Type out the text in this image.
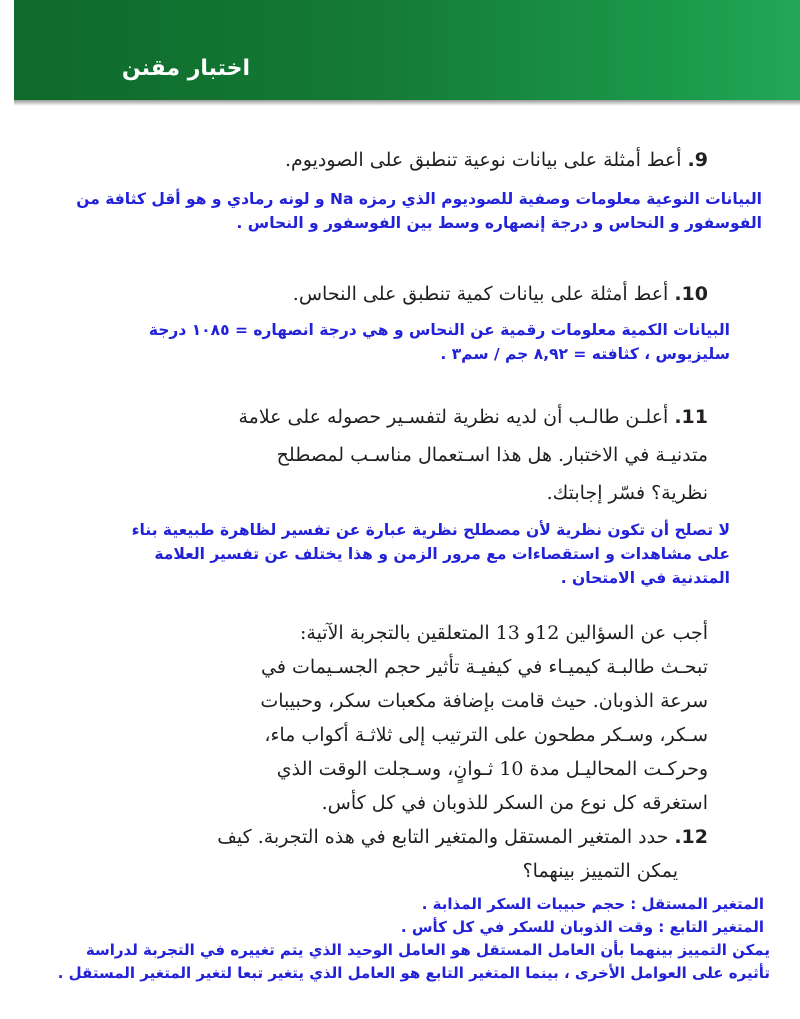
اختبار مقنن
9.أعط أمثلة على بيانات نوعية تنطبق على الصوديوم.
البيانات النوعية معلومات وصفية للصوديوم الذي رمزه Na و لونه رمادي و هو أقل كثافة من
الفوسفور و النحاس و درجة إنصهاره وسط بين الفوسفور و النحاس .
10.أعط أمثلة على بيانات كمية تنطبق على النحاس.
البيانات الكمية معلومات رقمية عن النحاس و هي درجة انصهاره = ١٠٨٥ درجة
سليزيوس ، كثافته = ٨,٩٢ جم / سم٣ .
11.أعلـن طالـب أن لديه نظرية لتفسـير حصوله على علامة
متدنيـة في الاختبار. هل هذا اسـتعمال مناسـب لمصطلح
نظرية؟ فسّر إجابتك.
لا تصلح أن تكون نظرية لأن مصطلح نظرية عبارة عن تفسير لظاهرة طبيعية بناء
على مشاهدات و استقصاءات مع مرور الزمن و هذا يختلف عن تفسير العلامة
المتدنية في الامتحان .
أجب عن السؤالين 12و 13 المتعلقين بالتجربة الآتية:
تبحـث طالبـة كيميـاء في كيفيـة تأثير حجم الجسـيمات في
سرعة الذوبان. حيث قامت بإضافة مكعبات سكر، وحبيبات
سـكر، وسـكر مطحون على الترتيب إلى ثلاثـة أكواب ماء،
وحركـت المحاليـل مدة 10 ثـوانٍ، وسـجلت الوقت الذي
استغرقه كل نوع من السكر للذوبان في كل كأس.
12.حدد المتغير المستقل والمتغير التابع في هذه التجربة. كيف
يمكن التمييز بينهما؟
المتغير المستقل : حجم حبيبات السكر المذابة .
المتغير التابع : وقت الذوبان للسكر في كل كأس .
يمكن التمييز بينهما بأن العامل المستقل هو العامل الوحيد الذي يتم تغييره في التجربة لدراسة
تأثيره على العوامل الأخرى ، بينما المتغير التابع هو العامل الذي يتغير تبعا لتغير المتغير المستقل .
